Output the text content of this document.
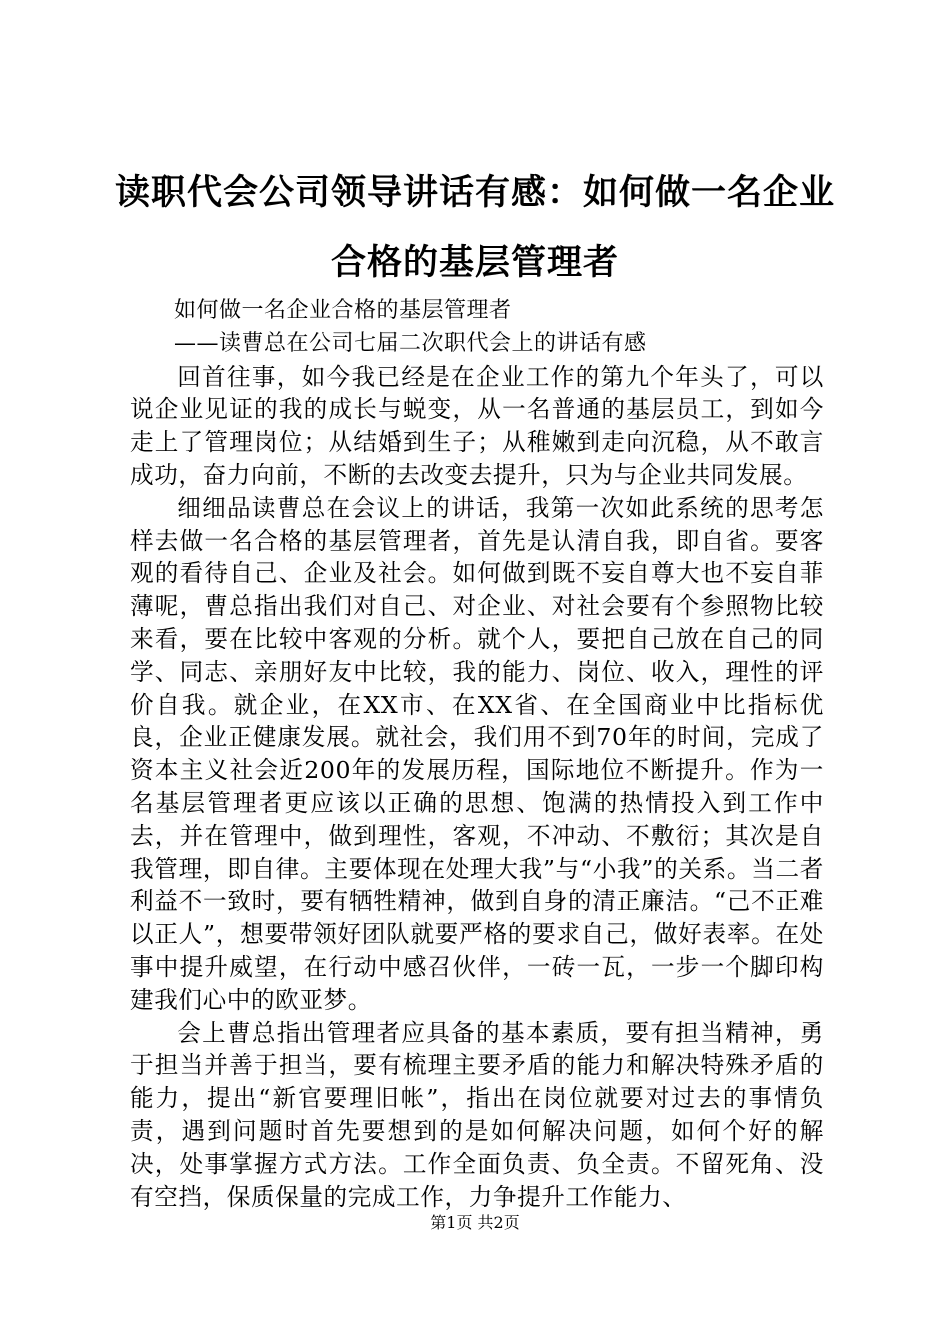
读职代会公司领导讲话有感：如何做一名企业合格的基层管理者

如何做一名企业合格的基层管理者

——读曹总在公司七届二次职代会上的讲话有感

回首往事，如今我已经是在企业工作的第九个年头了，可以说企业见证的我的成长与蜕变，从一名普通的基层员工，到如今走上了管理岗位；从结婚到生子；从稚嫩到走向沉稳，从不敢言成功，奋力向前，不断的去改变去提升，只为与企业共同发展。

细细品读曹总在会议上的讲话，我第一次如此系统的思考怎样去做一名合格的基层管理者，首先是认清自我，即自省。要客观的看待自己、企业及社会。如何做到既不妄自尊大也不妄自菲薄呢，曹总指出我们对自己、对企业、对社会要有个参照物比较来看，要在比较中客观的分析。就个人，要把自己放在自己的同学、同志、亲朋好友中比较，我的能力、岗位、收入，理性的评价自我。就企业，在XX市、在XX省、在全国商业中比指标优良，企业正健康发展。就社会，我们用不到70年的时间，完成了资本主义社会近200年的发展历程，国际地位不断提升。作为一名基层管理者更应该以正确的思想、饱满的热情投入到工作中去，并在管理中，做到理性，客观，不冲动、不敷衍；其次是自我管理，即自律。主要体现在处理大我”与“小我”的关系。当二者利益不一致时，要有牺牲精神，做到自身的清正廉洁。“己不正难以正人”，想要带领好团队就要严格的要求自己，做好表率。在处事中提升威望，在行动中感召伙伴，一砖一瓦，一步一个脚印构建我们心中的欧亚梦。

会上曹总指出管理者应具备的基本素质，要有担当精神，勇于担当并善于担当，要有梳理主要矛盾的能力和解决特殊矛盾的能力，提出“新官要理旧帐”，指出在岗位就要对过去的事情负责，遇到问题时首先要想到的是如何解决问题，如何个好的解决，处事掌握方式方法。工作全面负责、负全责。不留死角、没有空挡，保质保量的完成工作，力争提升工作能力、

第1页 共2页
